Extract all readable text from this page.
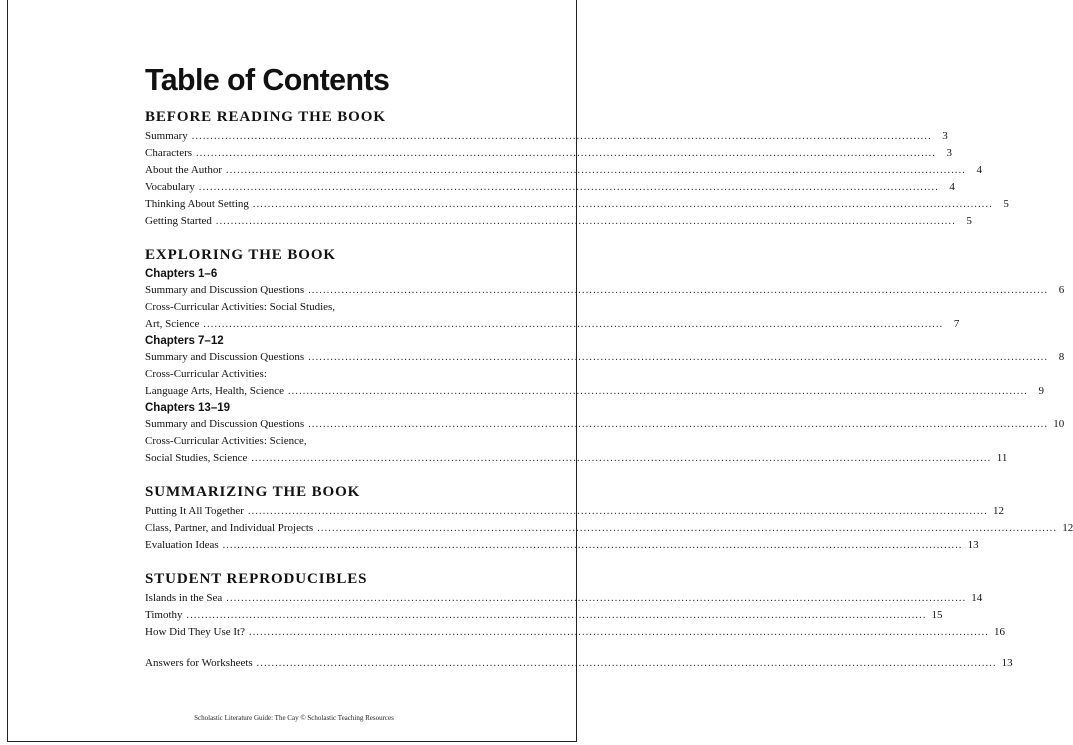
Table of Contents
BEFORE READING THE BOOK
Summary ........................................................................................................................................................................................................ 3
Characters ........................................................................................................................................................................................................ 3
About the Author ........................................................................................................................................................................................................ 4
Vocabulary ........................................................................................................................................................................................................ 4
Thinking About Setting ........................................................................................................................................................................................................ 5
Getting Started ........................................................................................................................................................................................................ 5
EXPLORING THE BOOK
Chapters 1–6
Summary and Discussion Questions ........................................................................................................................................................................................................ 6
Cross-Curricular Activities: Social Studies,
Art, Science ........................................................................................................................................................................................................ 7
Chapters 7–12
Summary and Discussion Questions ........................................................................................................................................................................................................ 8
Cross-Curricular Activities:
Language Arts, Health, Science ........................................................................................................................................................................................................ 9
Chapters 13–19
Summary and Discussion Questions ........................................................................................................................................................................................................ 10
Cross-Curricular Activities: Science,
Social Studies, Science ........................................................................................................................................................................................................ 11
SUMMARIZING THE BOOK
Putting It All Together ........................................................................................................................................................................................................ 12
Class, Partner, and Individual Projects ........................................................................................................................................................................................................ 12
Evaluation Ideas ........................................................................................................................................................................................................ 13
STUDENT REPRODUCIBLES
Islands in the Sea ........................................................................................................................................................................................................ 14
Timothy ........................................................................................................................................................................................................ 15
How Did They Use It? ........................................................................................................................................................................................................ 16
Answers for Worksheets ........................................................................................................................................................................................................ 13
Scholastic Literature Guide: The Cay © Scholastic Teaching Resources
